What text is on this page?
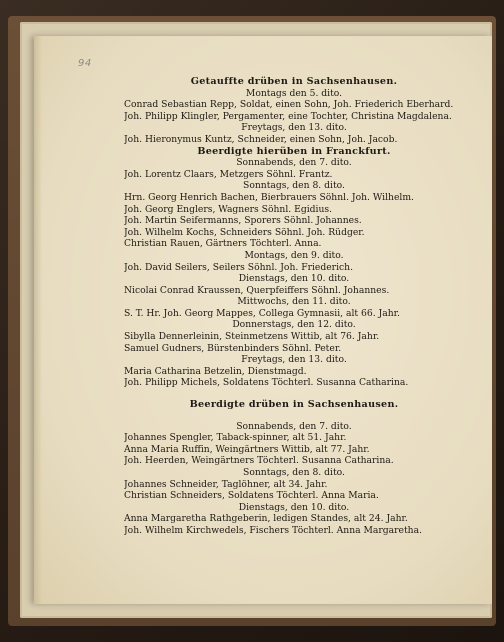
94
Getauffte drüben in Sachsenhausen.
Montags den 5. dito.
Conrad Sebastian Repp, Soldat, einen Sohn, Joh. Friederich Eberhard.
Joh. Philipp Klingler, Pergamenter, eine Tochter, Christina Magdalena.
Freytags, den 13. dito.
Joh. Hieronymus Kuntz, Schneider, einen Sohn, Joh. Jacob.
Beerdigte hierüben in Franckfurt.
Sonnabends, den 7. dito.
Joh. Lorentz Claars, Metzgers Söhnl. Frantz.
Sonntags, den 8. dito.
Hrn. Georg Henrich Bachen, Bierbrauers Söhnl. Joh. Wilhelm.
Joh. Georg Englers, Wagners Söhnl. Egidius.
Joh. Martin Seifermanns, Sporers Söhnl. Johannes.
Joh. Wilhelm Kochs, Schneiders Söhnl. Joh. Rüdger.
Christian Rauen, Gärtners Töchterl. Anna.
Montags, den 9. dito.
Joh. David Seilers, Seilers Söhnl. Joh. Friederich.
Dienstags, den 10. dito.
Nicolai Conrad Kraussen, Querpfeiffers Söhnl. Johannes.
Mittwochs, den 11. dito.
S. T. Hr. Joh. Georg Mappes, Collega Gymnasii, alt 66. Jahr.
Donnerstags, den 12. dito.
Sibylla Dennerleinin, Steinmetzens Wittib, alt 76. Jahr.
Samuel Gudners, Bürstenbinders Söhnl. Peter.
Freytags, den 13. dito.
Maria Catharina Betzelin, Dienstmagd.
Joh. Philipp Michels, Soldatens Töchterl. Susanna Catharina.
Beerdigte drüben in Sachsenhausen.
Sonnabends, den 7. dito.
Johannes Spengler, Taback-spinner, alt 51. Jahr.
Anna Maria Ruffin, Weingärtners Wittib, alt 77. Jahr.
Joh. Heerden, Weingärtners Töchterl. Susanna Catharina.
Sonntags, den 8. dito.
Johannes Schneider, Taglöhner, alt 34. Jahr.
Christian Schneiders, Soldatens Töchterl. Anna Maria.
Dienstags, den 10. dito.
Anna Margaretha Rathgeberin, ledigen Standes, alt 24. Jahr.
Joh. Wilhelm Kirchwedels, Fischers Töchterl. Anna Margaretha.
